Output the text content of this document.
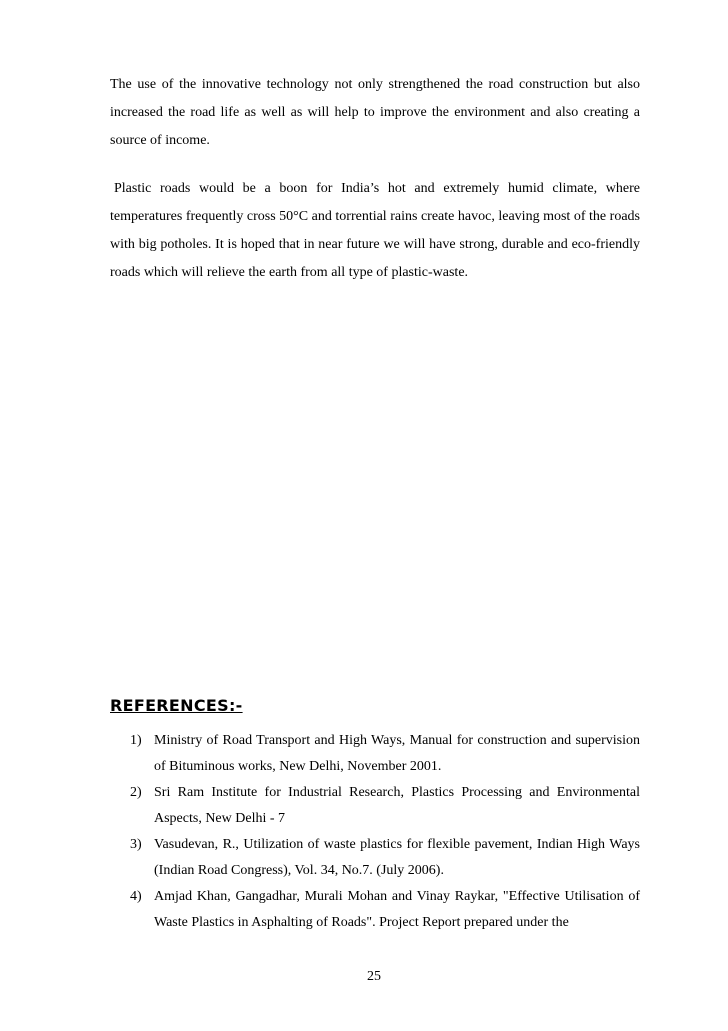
The use of the innovative technology not only strengthened the road construction but also increased the road life as well as will help to improve the environment and also creating a source of income.

Plastic roads would be a boon for India’s hot and extremely humid climate, where temperatures frequently cross 50°C and torrential rains create havoc, leaving most of the roads with big potholes. It is hoped that in near future we will have strong, durable and eco-friendly roads which will relieve the earth from all type of plastic-waste.

REFERENCES:-
1) Ministry of Road Transport and High Ways, Manual for construction and supervision of Bituminous works, New Delhi, November 2001.
2) Sri Ram Institute for Industrial Research, Plastics Processing and Environmental Aspects, New Delhi - 7
3) Vasudevan, R., Utilization of waste plastics for flexible pavement, Indian High Ways (Indian Road Congress), Vol. 34, No.7. (July 2006).
4) Amjad Khan, Gangadhar, Murali Mohan and Vinay Raykar, "Effective Utilisation of Waste Plastics in Asphalting of Roads". Project Report prepared under the
25
